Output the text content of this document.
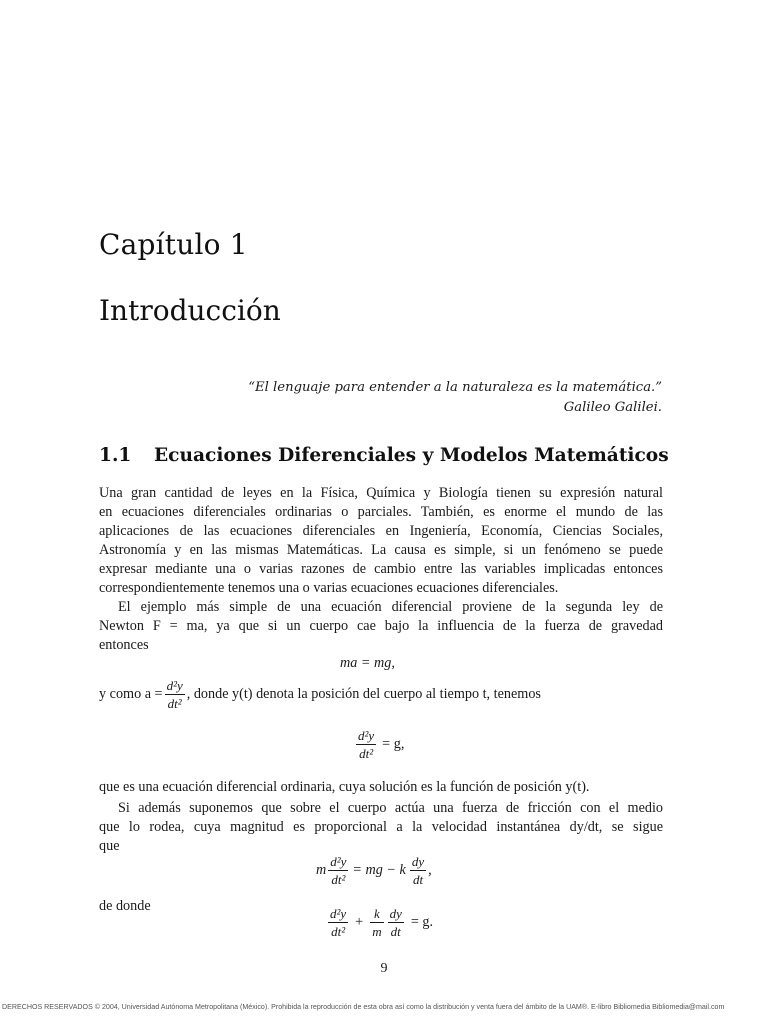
Capítulo 1
Introducción
“El lenguaje para entender a la naturaleza es la matemática.”
Galileo Galilei.
1.1 Ecuaciones Diferenciales y Modelos Matemáticos
Una gran cantidad de leyes en la Física, Química y Biología tienen su expresión natural
en ecuaciones diferenciales ordinarias o parciales. También, es enorme el mundo de las
aplicaciones de las ecuaciones diferenciales en Ingeniería, Economía, Ciencias Sociales,
Astronomía y en las mismas Matemáticas. La causa es simple, si un fenómeno se puede
expresar mediante una o varias razones de cambio entre las variables implicadas entonces
correspondientemente tenemos una o varias ecuaciones ecuaciones diferenciales.
El ejemplo más simple de una ecuación diferencial proviene de la segunda ley de
Newton F = ma, ya que si un cuerpo cae bajo la influencia de la fuerza de gravedad
entonces
ma = mg,
y como $a = \frac{\text{d²y}}{\text{dt²}}$ , donde y(t) denota la posición del cuerpo al tiempo t, tenemos
$\frac{\text{d²y}}{\text{dt²}} = g$,
que es una ecuación diferencial ordinaria, cuya solución es la función de posición y(t).
Si además suponemos que sobre el cuerpo actúa una fuerza de fricción con el medio
que lo rodea, cuya magnitud es proporcional a la velocidad instantánea dy/dt, se sigue
que
m $\frac{\text{d²y}}{\text{dt²}}$ = mg − k $\frac{dy}{dt}$ ,
de donde	$\frac{\text{d²y}}{\text{dt²}} + \frac{k}{m} \frac{dy}{dt} = g$.
9
DERECHOS RESERVADOS © 2004, Universidad Autónoma Metropolitana (México). Prohibida la reproducción de esta obra así como la distribución y venta fuera del ámbito de la UAM®. E-libro Bibliomedia Bibliomedia@mail.com
